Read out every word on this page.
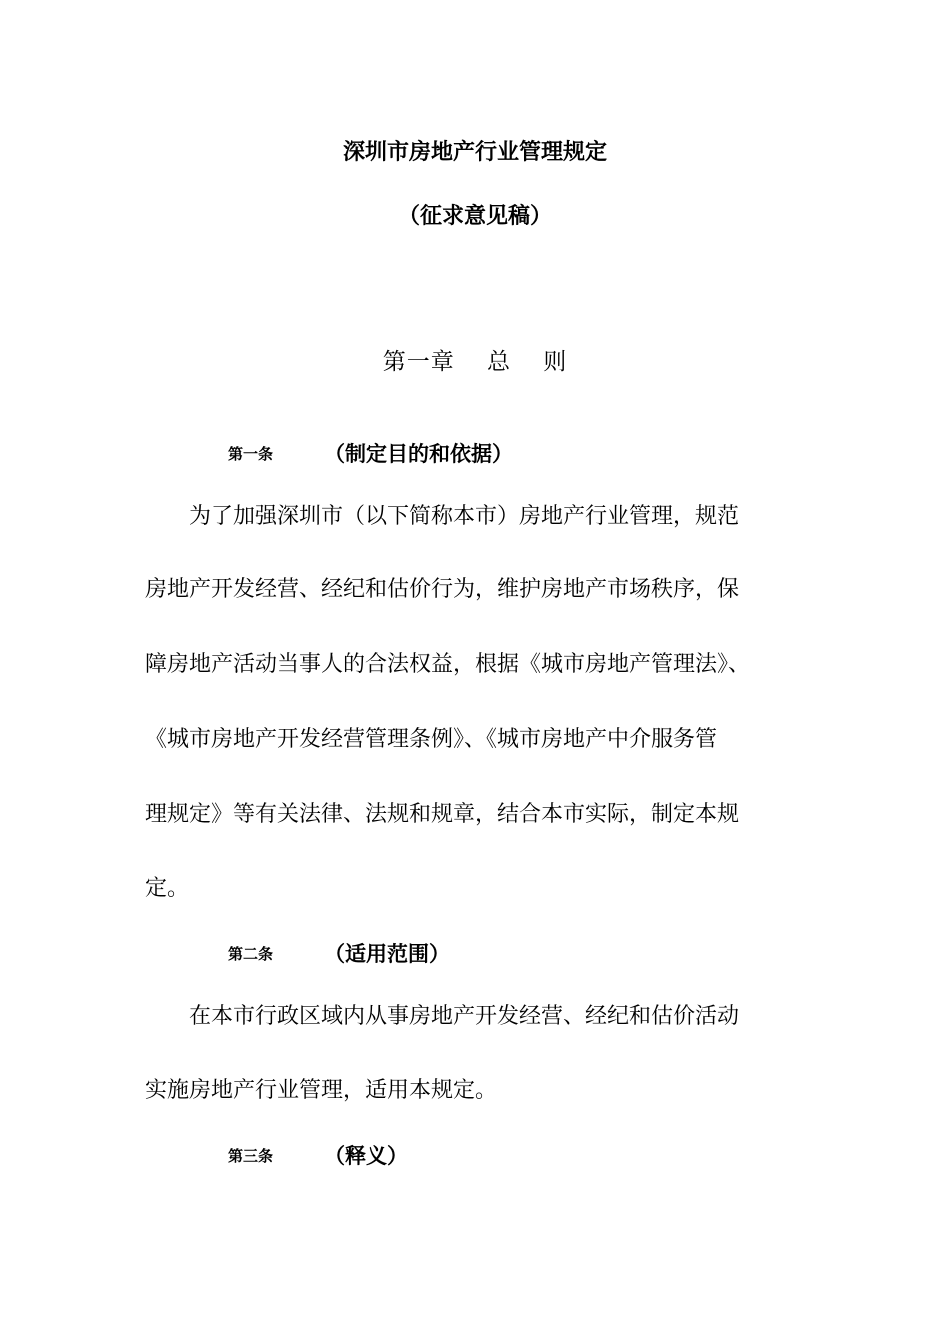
深圳市房地产行业管理规定
（征求意见稿）
第一章　 总　 则
第一条	（制定目的和依据）
　　为了加强深圳市（以下简称本市）房地产行业管理，规范
房地产开发经营、经纪和估价行为，维护房地产市场秩序，保
障房地产活动当事人的合法权益，根据《城市房地产管理法》、
《城市房地产开发经营管理条例》、《城市房地产中介服务管
理规定》等有关法律、法规和规章，结合本市实际，制定本规
定。
第二条	（适用范围）
　　在本市行政区域内从事房地产开发经营、经纪和估价活动
实施房地产行业管理，适用本规定。
第三条	（释义）
